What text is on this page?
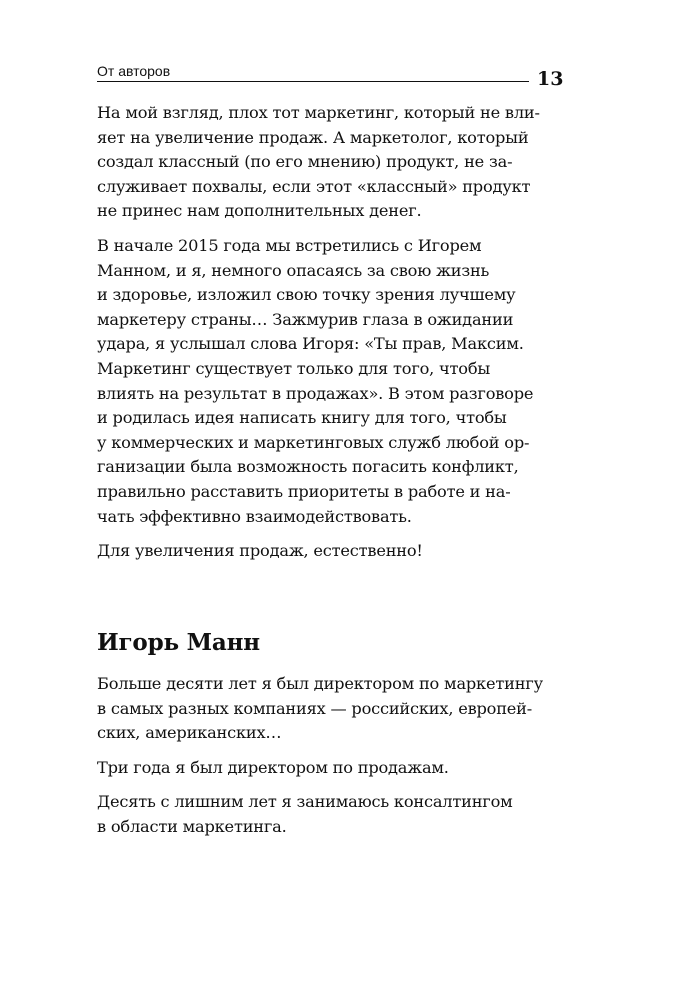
От авторов	13

На мой взгляд, плох тот маркетинг, который не вли-
яет на увеличение продаж. А маркетолог, который
создал классный (по его мнению) продукт, не за-
служивает похвалы, если этот «классный» продукт
не принес нам дополнительных денег.

В начале 2015 года мы встретились с Игорем
Манном, и я, немного опасаясь за свою жизнь
и здоровье, изложил свою точку зрения лучшему
маркетеру страны… Зажмурив глаза в ожидании
удара, я услышал слова Игоря: «Ты прав, Максим.
Маркетинг существует только для того, чтобы
влиять на результат в продажах». В этом разговоре
и родилась идея написать книгу для того, чтобы
у коммерческих и маркетинговых служб любой ор-
ганизации была возможность погасить конфликт,
правильно расставить приоритеты в работе и на-
чать эффективно взаимодействовать.

Для увеличения продаж, естественно!

Игорь Манн

Больше десяти лет я был директором по маркетингу
в самых разных компаниях — российских, европей-
ских, американских…

Три года я был директором по продажам.

Десять с лишним лет я занимаюсь консалтингом
в области маркетинга.
